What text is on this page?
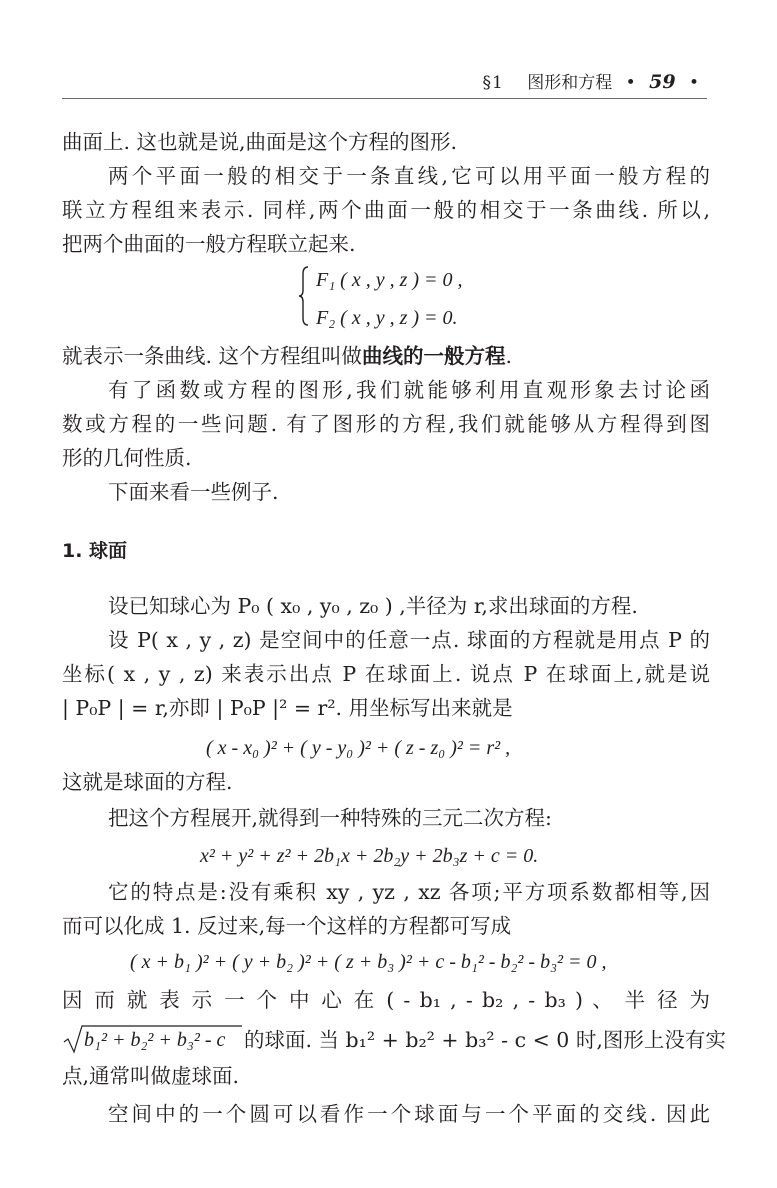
§1 图形和方程 • 59 •
曲面上. 这也就是说,曲面是这个方程的图形.
两个平面一般的相交于一条直线,它可以用平面一般方程的
联立方程组来表示. 同样,两个曲面一般的相交于一条曲线. 所以,
把两个曲面的一般方程联立起来.
F₁ ( x , y , z ) = 0 ,
F₂ ( x , y , z ) = 0.
就表示一条曲线. 这个方程组叫做曲线的一般方程.
有了函数或方程的图形,我们就能够利用直观形象去讨论函
数或方程的一些问题. 有了图形的方程,我们就能够从方程得到图
形的几何性质.
下面来看一些例子.
1. 球面
设已知球心为 P₀ ( x₀ , y₀ , z₀ ) ,半径为 r,求出球面的方程.
设 P( x , y , z) 是空间中的任意一点. 球面的方程就是用点 P 的
坐标( x , y , z) 来表示出点 P 在球面上. 说点 P 在球面上,就是说
| P₀P | = r,亦即 | P₀P |² = r². 用坐标写出来就是
( x - x₀ )² + ( y - y₀ )² + ( z - z₀ )² = r² ,
这就是球面的方程.
把这个方程展开,就得到一种特殊的三元二次方程:
x² + y² + z² + 2b₁x + 2b₂y + 2b₃z + c = 0.
它的特点是:没有乘积 xy , yz , xz 各项;平方项系数都相等,因
而可以化成 1. 反过来,每一个这样的方程都可写成
( x + b₁ )² + ( y + b₂ )² + ( z + b₃ )² + c - b₁² - b₂² - b₃² = 0 ,
因 而 就 表 示 一 个 中 心 在 ( - b₁ , - b₂ , - b₃ ) 、 半 径 为
b₁² + b₂² + b₃² - c 的球面. 当 b₁² + b₂² + b₃² - c < 0 时,图形上没有实
点,通常叫做虚球面.
空间中的一个圆可以看作一个球面与一个平面的交线. 因此
